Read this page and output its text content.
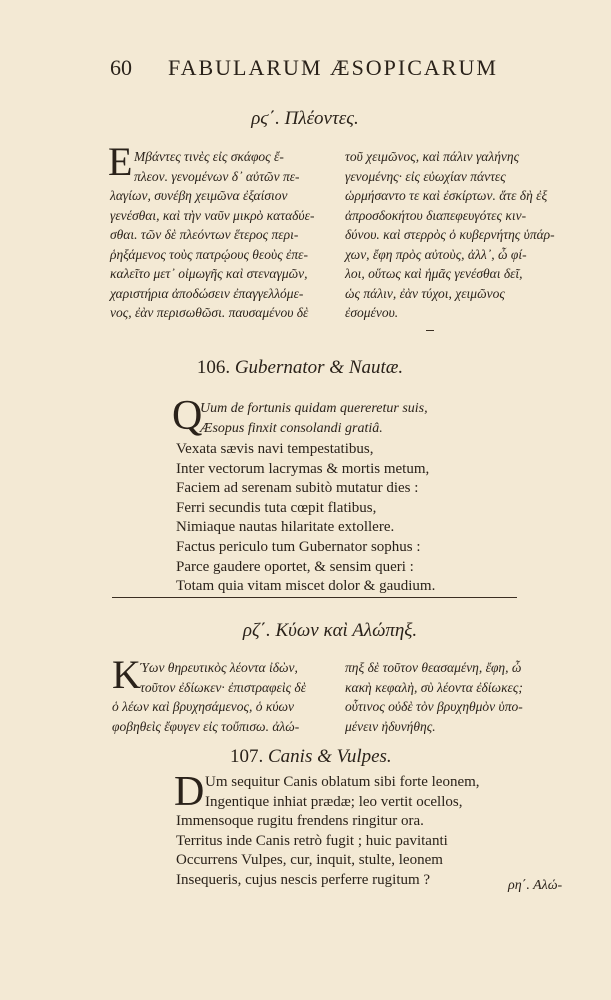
60 FABULARUM ÆSOPICARUM
ρϛ΄. Πλέοντες.
E Μβάντες τινὲς εἰς σκάφος ἔ-

πλεον. γενομένων δ᾽ αὐτῶν πε-

λαγίων, συνέβη χειμῶνα ἐξαίσιον

γενέσθαι, καὶ τὴν ναῦν μικρὸ καταδύε-

σθαι. τῶν δὲ πλεόντων ἕτερος περι-

ῥηξάμενος τοὺς πατρῴους θεοὺς ἐπε-

καλεῖτο μετ᾽ οἰμωγῆς καὶ στεναγμῶν,

χαριστήρια ἀποδώσειν ἐπαγγελλόμε-

νος, ἐὰν περισωθῶσι. παυσαμένου δὲ

τοῦ χειμῶνος, καὶ πάλιν γαλήνης

γενομένης· εἰς εὐωχίαν πάντες

ὡρμήσαντο τε καὶ ἐσκίρτων. ἅτε δὴ ἐξ

ἀπροσδοκήτου διαπεφευγότες κιν-

δύνου. καὶ στερρὸς ὁ κυβερνήτης ὑπάρ-

χων, ἔφη πρὸς αὐτοὺς, ἀλλ᾽, ὦ φί-

λοι, οὕτως καὶ ἡμᾶς γενέσθαι δεῖ,

ὡς πάλιν, ἐὰν τύχοι, χειμῶνος

ἐσομένου.

106. Gubernator & Nautæ.
Q

Uum de fortunis quidam quereretur suis,

Æsopus finxit consolandi gratiâ.

Vexata sævis navi tempestatibus,

Inter vectorum lacrymas & mortis metum,

Faciem ad serenam subitò mutatur dies :

Ferri secundis tuta cœpit flatibus,

Nimiaque nautas hilaritate extollere.

Factus periculo tum Gubernator sophus :

Parce gaudere oportet, & sensim queri :

Totam quia vitam miscet dolor & gaudium.

ρζ΄. Κύων καὶ Αλώπηξ.
K Ύων θηρευτικὸς λέοντα ἰδὼν,

τοῦτον ἐδίωκεν· ἐπιστραφεὶς δὲ

ὁ λέων καὶ βρυχησάμενος, ὁ κύων

φοβηθεὶς ἔφυγεν εἰς τοὔπισω. ἀλώ-

πηξ δὲ τοῦτον θεασαμένη, ἔφη, ὦ

κακὴ κεφαλὴ, σὺ λέοντα ἐδίωκες;

οὗτινος οὐδὲ τὸν βρυχηθμὸν ὑπο-

μένειν ἠδυνήθης.

107. Canis & Vulpes.
D Um sequitur Canis oblatum sibi forte leonem,

Ingentique inhiat prædæ; leo vertit ocellos,

Immensoque rugitu frendens ringitur ora.

Territus inde Canis retrò fugit ; huic pavitanti

Occurrens Vulpes, cur, inquit, stulte, leonem

Insequeris, cujus nescis perferre rugitum ?	ρη΄. Αλώ-
